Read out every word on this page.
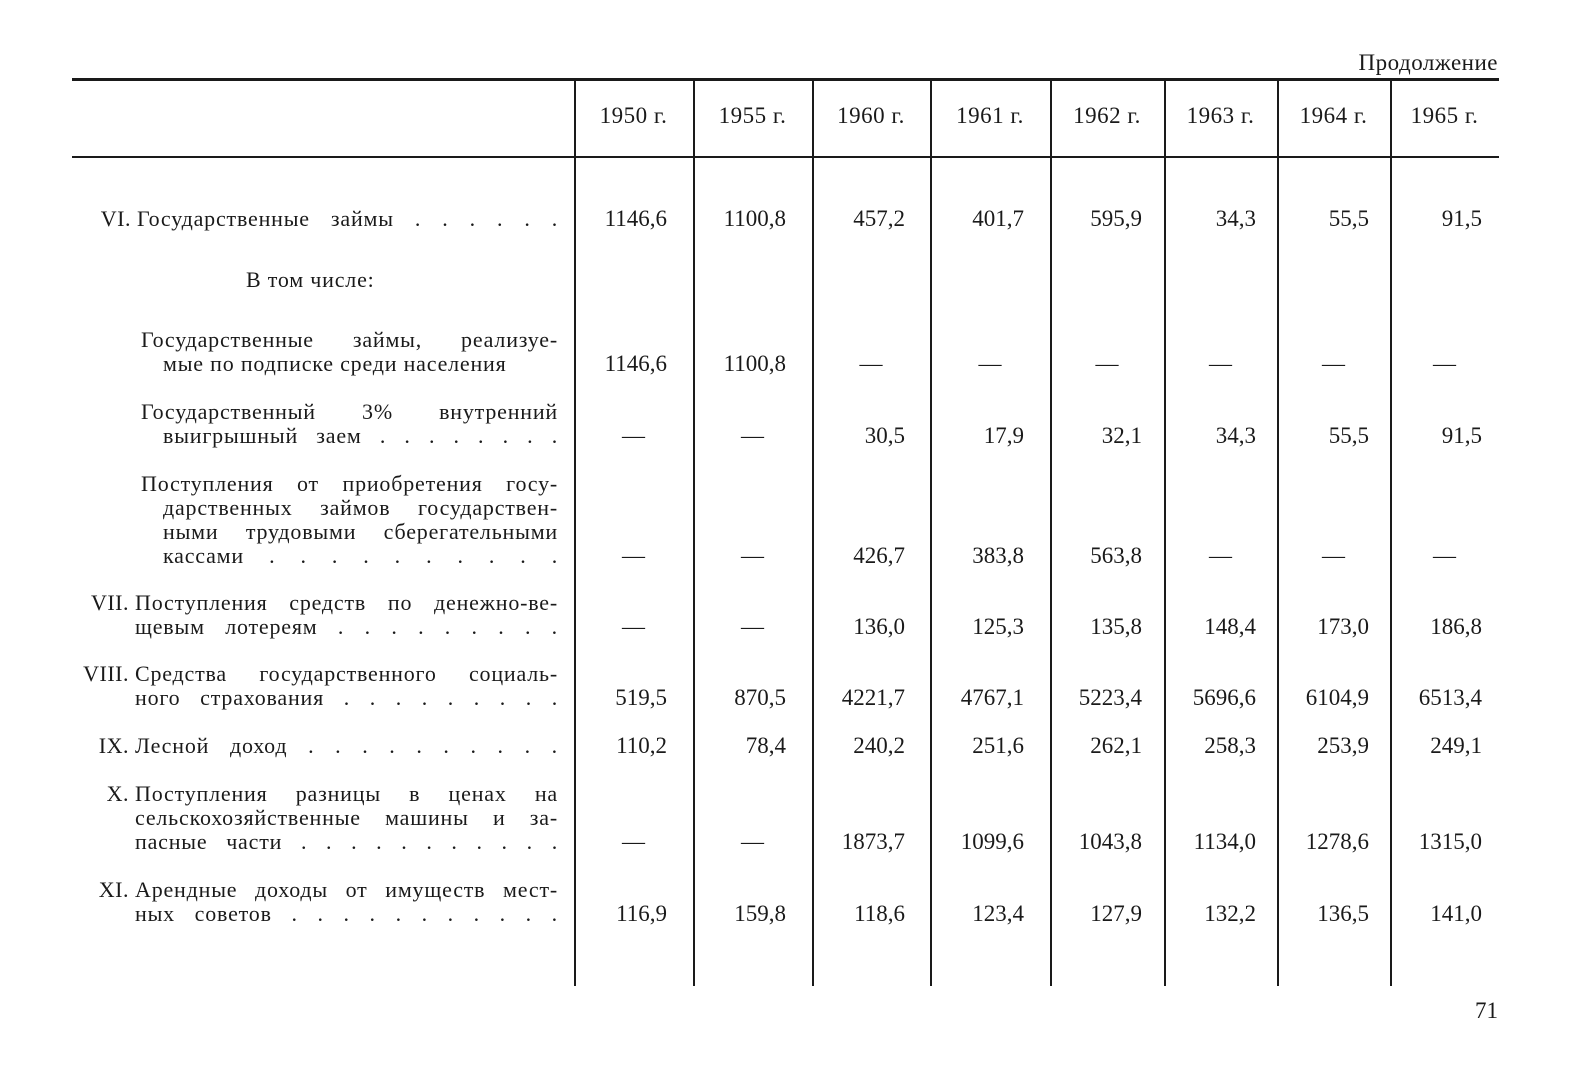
Продолжение
1950 г.	1955 г.	1960 г.	1961 г.	1962 г.	1963 г.	1964 г.	1965 г.
VI. Государственные займы . . . . . . 1146,6 1100,8	457,2	401,7	595,9	34,3	55,5	91,5
В том числе:
Государственные займы, реализуе-
мые по подписке среди населения	1146,6 1100,8	—	—	—	—	—	—
Государственный 3% внутренний
выигрышный заем . . . . . . . .	—	—	30,5	17,9	32,1	34,3	55,5	91,5
Поступления от приобретения госу-
дарственных займов государствен-
ными трудовыми сберегательными
кассами . . . . . . . . . .	—	—	426,7	383,8	563,8	—	—	—
VII. Поступления средств по денежно-ве-
щевым лотереям . . . . . . . . .	—	—	136,0	125,3	135,8	148,4	173,0	186,8
VIII. Средства государственного социаль-
ного страхования . . . . . . . . . 519,5	870,5 4221,7 4767,1 5223,4 5696,6 6104,9 6513,4
IX. Лесной доход . . . . . . . . . .	110,2	78,4	240,2	251,6	262,1	258,3	253,9	249,1
X. Поступления разницы в ценах на
сельскохозяйственные машины и за-
пасные части . . . . . . . . . . .	—	—	1873,7 1099,6 1043,8 1134,0 1278,6 1315,0
XI. Арендные доходы от имуществ мест-
ных советов . . . . . . . . . . .	116,9	159,8	118,6	123,4	127,9	132,2	136,5	141,0
71
